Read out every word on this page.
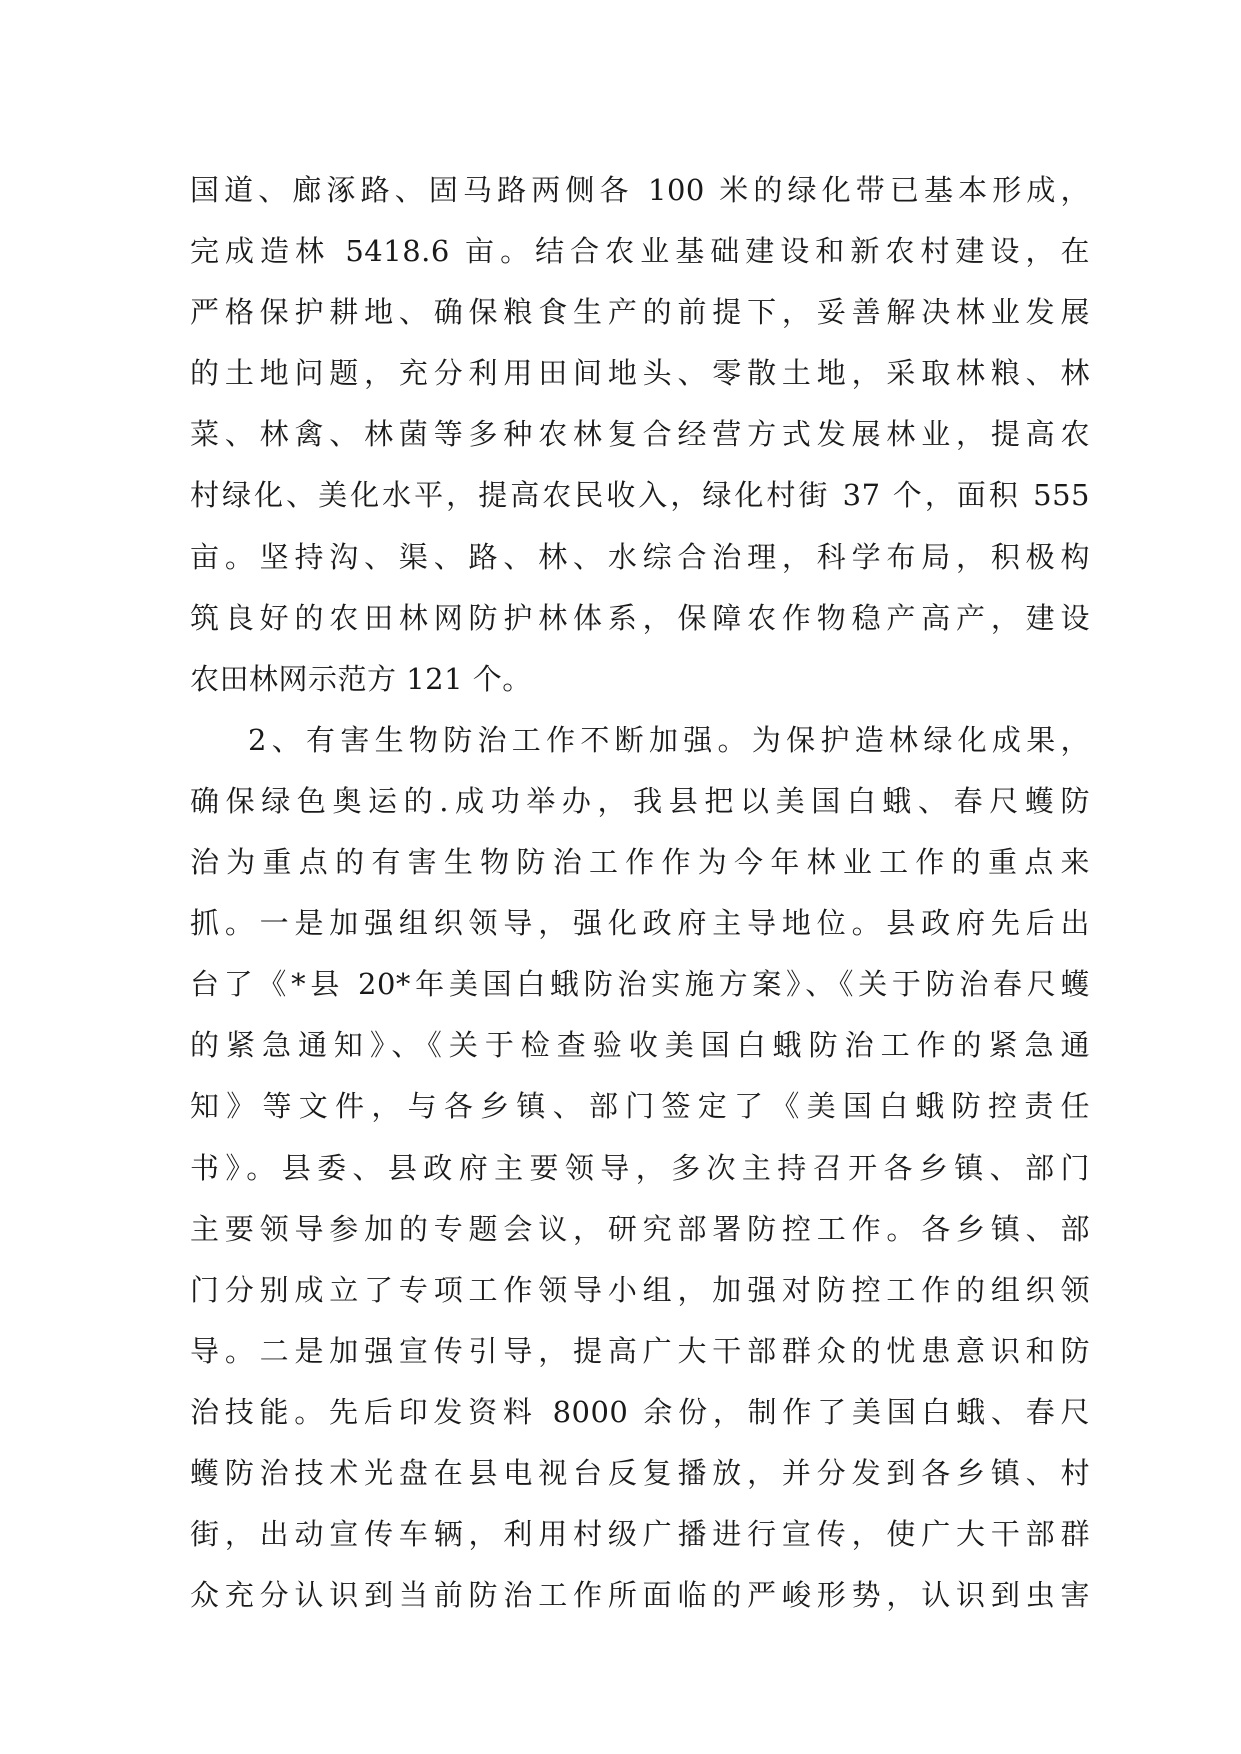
国道、廊涿路、固马路两侧各 100 米的绿化带已基本形成，
完成造林 5418.6 亩。结合农业基础建设和新农村建设，在
严格保护耕地、确保粮食生产的前提下，妥善解决林业发展
的土地问题，充分利用田间地头、零散土地，采取林粮、林
菜、林禽、林菌等多种农林复合经营方式发展林业，提高农
村绿化、美化水平，提高农民收入，绿化村街 37 个，面积 555
亩。坚持沟、渠、路、林、水综合治理，科学布局，积极构
筑良好的农田林网防护林体系，保障农作物稳产高产，建设
农田林网示范方 121 个。
2、有害生物防治工作不断加强。为保护造林绿化成果，
确保绿色奥运的.成功举办，我县把以美国白蛾、春尺蠖防
治为重点的有害生物防治工作作为今年林业工作的重点来
抓。一是加强组织领导，强化政府主导地位。县政府先后出
台了《*县 20*年美国白蛾防治实施方案》、《关于防治春尺蠖
的紧急通知》、《关于检查验收美国白蛾防治工作的紧急通
知》等文件，与各乡镇、部门签定了《美国白蛾防控责任
书》。县委、县政府主要领导，多次主持召开各乡镇、部门
主要领导参加的专题会议，研究部署防控工作。各乡镇、部
门分别成立了专项工作领导小组，加强对防控工作的组织领
导。二是加强宣传引导，提高广大干部群众的忧患意识和防
治技能。先后印发资料 8000 余份，制作了美国白蛾、春尺
蠖防治技术光盘在县电视台反复播放，并分发到各乡镇、村
街，出动宣传车辆，利用村级广播进行宣传，使广大干部群
众充分认识到当前防治工作所面临的严峻形势，认识到虫害
